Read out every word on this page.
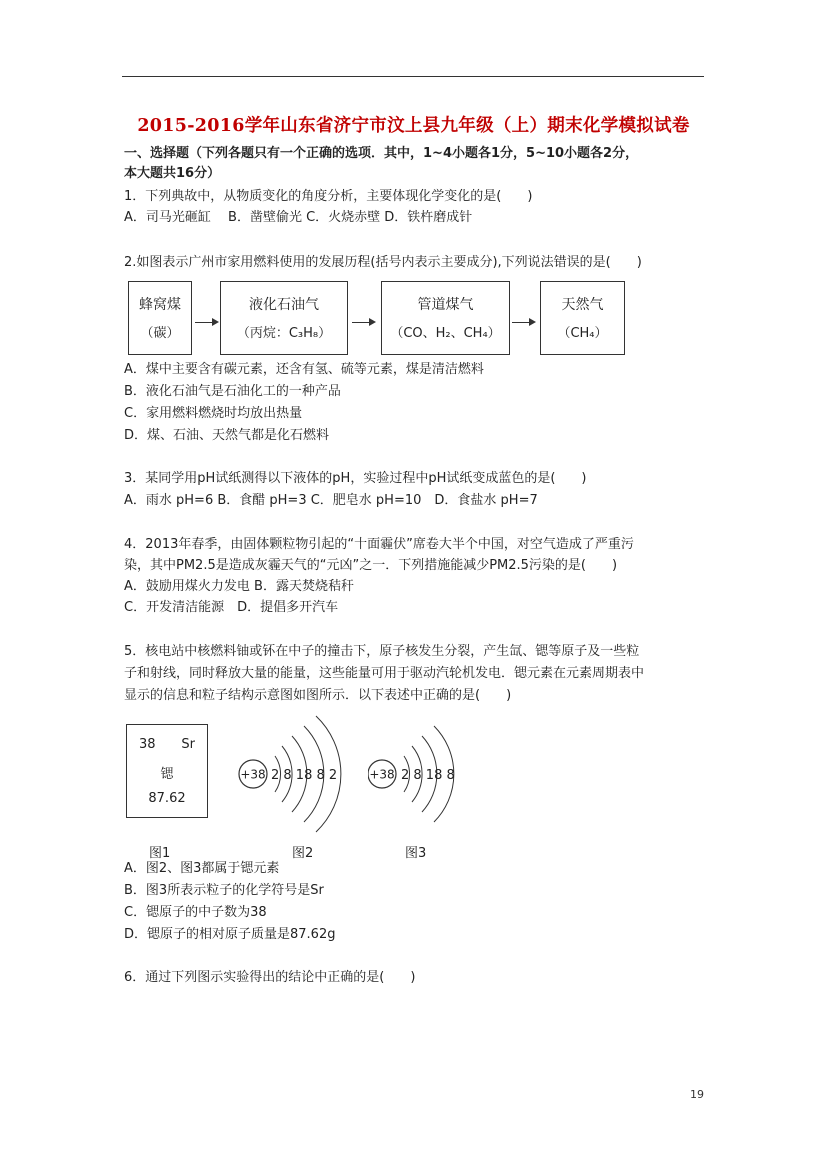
2015-2016学年山东省济宁市汶上县九年级（上）期末化学模拟试卷
一、选择题（下列各题只有一个正确的选项．其中，1~4小题各1分，5~10小题各2分，
本大题共16分）
1．下列典故中，从物质变化的角度分析，主要体现化学变化的是(　　)
A．司马光砸缸　 B．凿壁偷光 C．火烧赤壁 D．铁杵磨成针
2.如图表示广州市家用燃料使用的发展历程(括号内表示主要成分),下列说法错误的是(　　)
蜂窝煤
（碳）
液化石油气
（丙烷：C₃H₈）
管道煤气
（CO、H₂、CH₄）
天然气
（CH₄）
A．煤中主要含有碳元素，还含有氢、硫等元素，煤是清洁燃料
B．液化石油气是石油化工的一种产品
C．家用燃料燃烧时均放出热量
D．煤、石油、天然气都是化石燃料
3．某同学用pH试纸测得以下液体的pH，实验过程中pH试纸变成蓝色的是(　　)
A．雨水 pH=6 B．食醋 pH=3 C．肥皂水 pH=10　D．食盐水 pH=7
4．2013年春季，由固体颗粒物引起的“十面霾伏”席卷大半个中国，对空气造成了严重污
染，其中PM2.5是造成灰霾天气的“元凶”之一．下列措施能减少PM2.5污染的是(　　)
A．鼓励用煤火力发电 B．露天焚烧秸秆
C．开发清洁能源　D．提倡多开汽车
5．核电站中核燃料铀或钚在中子的撞击下，原子核发生分裂，产生氙、锶等原子及一些粒
子和射线，同时释放大量的能量，这些能量可用于驱动汽轮机发电．锶元素在元素周期表中
显示的信息和粒子结构示意图如图所示．以下表述中正确的是(　　)
38 Sr
锶
87.62
+38 2 8 18 8 2	+38 2 8 18 8
图1	图2	图3
A．图2、图3都属于锶元素
B．图3所表示粒子的化学符号是Sr
C．锶原子的中子数为38
D．锶原子的相对原子质量是87.62g
6．通过下列图示实验得出的结论中正确的是(　　)
19
